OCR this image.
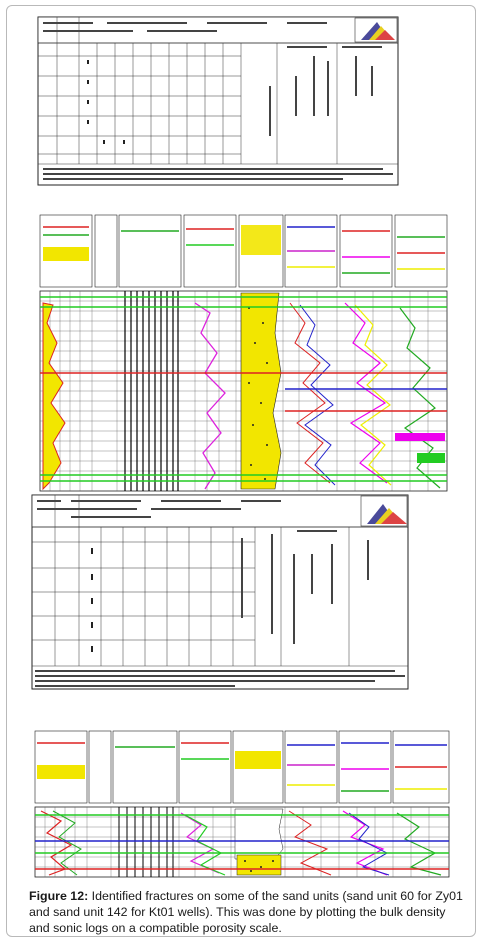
Figure 12: Identified fractures on some of the sand units (sand unit 60 for Zy01 and sand unit 142 for Kt01 wells). This was done by plotting the bulk density and sonic logs on a compatible porosity scale.
